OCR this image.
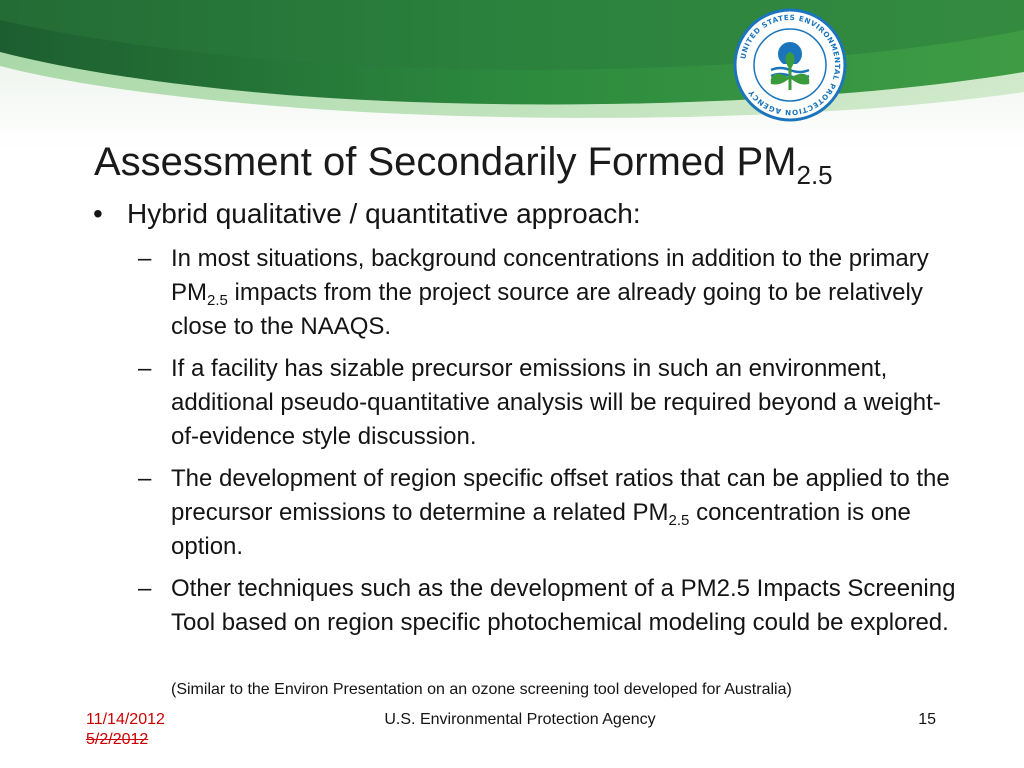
UNITED STATES ENVIRONMENTAL PROTECTION AGENCY
Assessment of Secondarily Formed $PM_{2.5}$
• Hybrid qualitative / quantitative approach:
– In most situations, background concentrations in addition to the primary $PM_{2.5}$ impacts from the project source are already going to be relatively close to the NAAQS.
– If a facility has sizable precursor emissions in such an environment, additional pseudo-quantitative analysis will be required beyond a weight-of-evidence style discussion.
– The development of region specific offset ratios that can be applied to the precursor emissions to determine a related $PM_{2.5}$ concentration is one option.
– Other techniques such as the development of a PM2.5 Impacts Screening Tool based on region specific photochemical modeling could be explored.
(Similar to the Environ Presentation on an ozone screening tool developed for Australia)
11/14/2012
5/2/2012
U.S. Environmental Protection Agency	15
